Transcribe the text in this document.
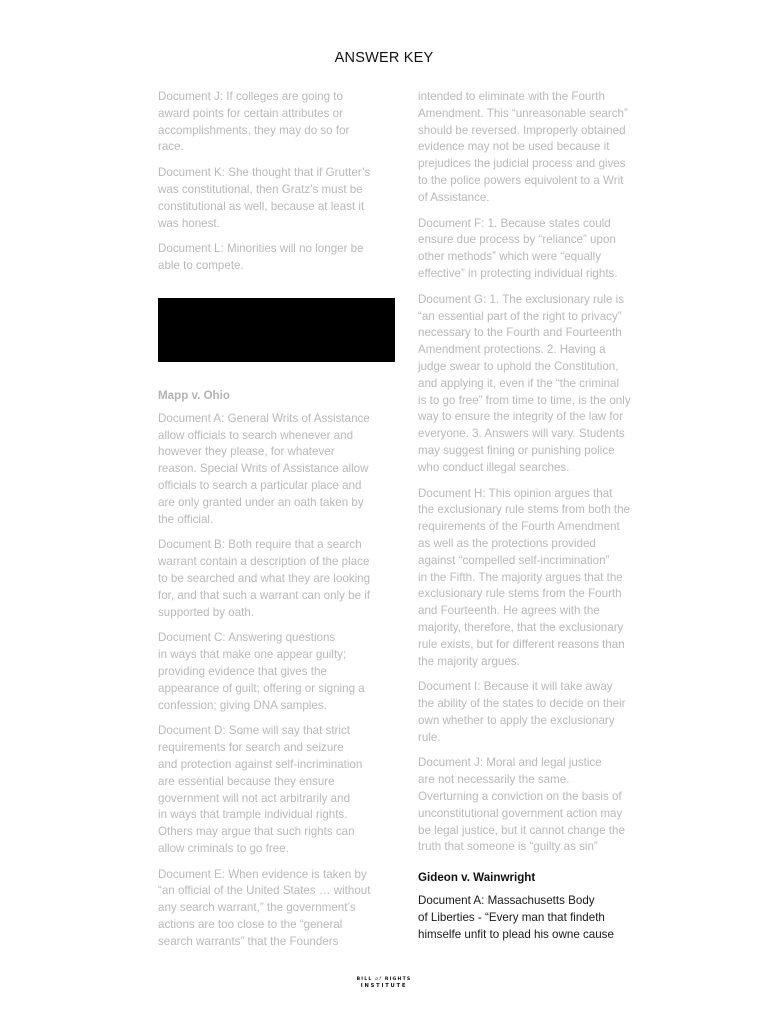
ANSWER KEY

Document J: If colleges are going to
award points for certain attributes or
accomplishments, they may do so for
race.

Document K: She thought that if Grutter’s
was constitutional, then Gratz’s must be
constitutional as well, because at least it
was honest.

Document L: Minorities will no longer be
able to compete.

Mapp v. Ohio

Document A: General Writs of Assistance
allow officials to search whenever and
however they please, for whatever
reason. Special Writs of Assistance allow
officials to search a particular place and
are only granted under an oath taken by
the official.

Document B: Both require that a search
warrant contain a description of the place
to be searched and what they are looking
for, and that such a warrant can only be if
supported by oath.

Document C: Answering questions
in ways that make one appear guilty;
providing evidence that gives the
appearance of guilt; offering or signing a
confession; giving DNA samples.

Document D: Some will say that strict
requirements for search and seizure
and protection against self-incrimination
are essential because they ensure
government will not act arbitrarily and
in ways that trample individual rights.
Others may argue that such rights can
allow criminals to go free.

Document E: When evidence is taken by
“an official of the United States … without
any search warrant,” the government’s
actions are too close to the “general
search warrants” that the Founders

intended to eliminate with the Fourth
Amendment. This “unreasonable search”
should be reversed. Improperly obtained
evidence may not be used because it
prejudices the judicial process and gives
to the police powers equivolent to a Writ
of Assistance.

Document F: 1. Because states could
ensure due process by “reliance” upon
other methods” which were “equally
effective” in protecting individual rights.

Document G: 1. The exclusionary rule is
“an essential part of the right to privacy”
necessary to the Fourth and Fourteenth
Amendment protections. 2. Having a
judge swear to uphold the Constitution,
and applying it, even if the “the criminal
is to go free” from time to time, is the only
way to ensure the integrity of the law for
everyone. 3. Answers will vary. Students
may suggest fining or punishing police
who conduct illegal searches.

Document H: This opinion argues that
the exclusionary rule stems from both the
requirements of the Fourth Amendment
as well as the protections provided
against “compelled self-incrimination”
in the Fifth. The majority argues that the
exclusionary rule stems from the Fourth
and Fourteenth. He agrees with the
majority, therefore, that the exclusionary
rule exists, but for different reasons than
the majority argues.

Document I: Because it will take away
the ability of the states to decide on their
own whether to apply the exclusionary
rule.

Document J: Moral and legal justice
are not necessarily the same.
Overturning a conviction on the basis of
unconstitutional government action may
be legal justice, but it cannot change the
truth that someone is “guilty as sin”

Gideon v. Wainwright

Document A: Massachusetts Body
of Liberties - “Every man that findeth
himselfe unfit to plead his owne cause

BILL of RIGHTS
INSTITUTE
